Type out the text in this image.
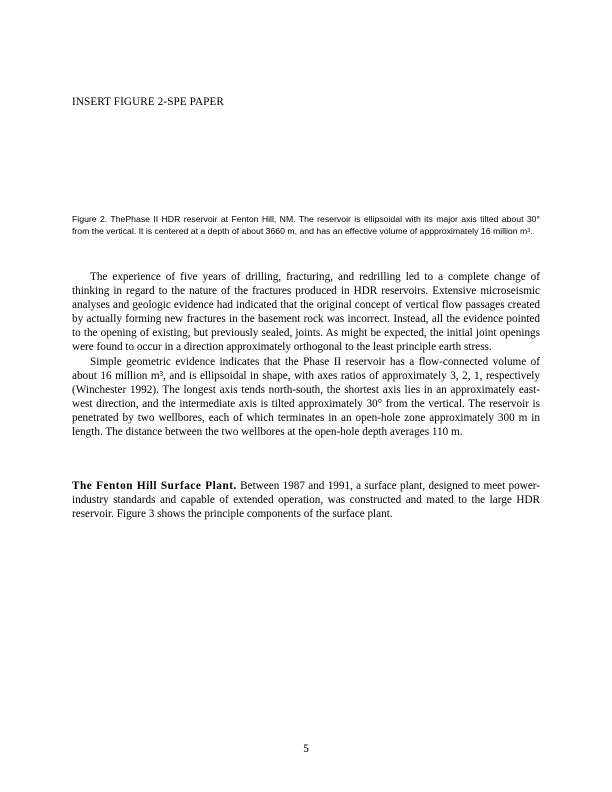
INSERT FIGURE 2-SPE PAPER
Figure 2. ThePhase II HDR reservoir at Fenton Hill, NM. The reservoir is ellipsoidal with its major axis tilted about 30° from the vertical. It is centered at a depth of about 3660 m, and has an effective volume of appproximately 16 million $m^3$.

The experience of five years of drilling, fracturing, and redrilling led to a complete change of thinking in regard to the nature of the fractures produced in HDR reservoirs. Extensive microseismic analyses and geologic evidence had indicated that the original concept of vertical flow passages created by actually forming new fractures in the basement rock was incorrect. Instead, all the evidence pointed to the opening of existing, but previously sealed, joints. As might be expected, the initial joint openings were found to occur in a direction approximately orthogonal to the least principle earth stress.

Simple geometric evidence indicates that the Phase II reservoir has a flow-connected volume of about 16 million m³, and is ellipsoidal in shape, with axes ratios of approximately 3, 2, 1, respectively (Winchester 1992). The longest axis tends north-south, the shortest axis lies in an approximately east-west direction, and the intermediate axis is tilted approximately 30° from the vertical. The reservoir is penetrated by two wellbores, each of which terminates in an open-hole zone approximately 300 m in length. The distance between the two wellbores at the open-hole depth averages 110 m.

The Fenton Hill Surface Plant. Between 1987 and 1991, a surface plant, designed to meet power-industry standards and capable of extended operation, was constructed and mated to the large HDR reservoir. Figure 3 shows the principle components of the surface plant.
5
